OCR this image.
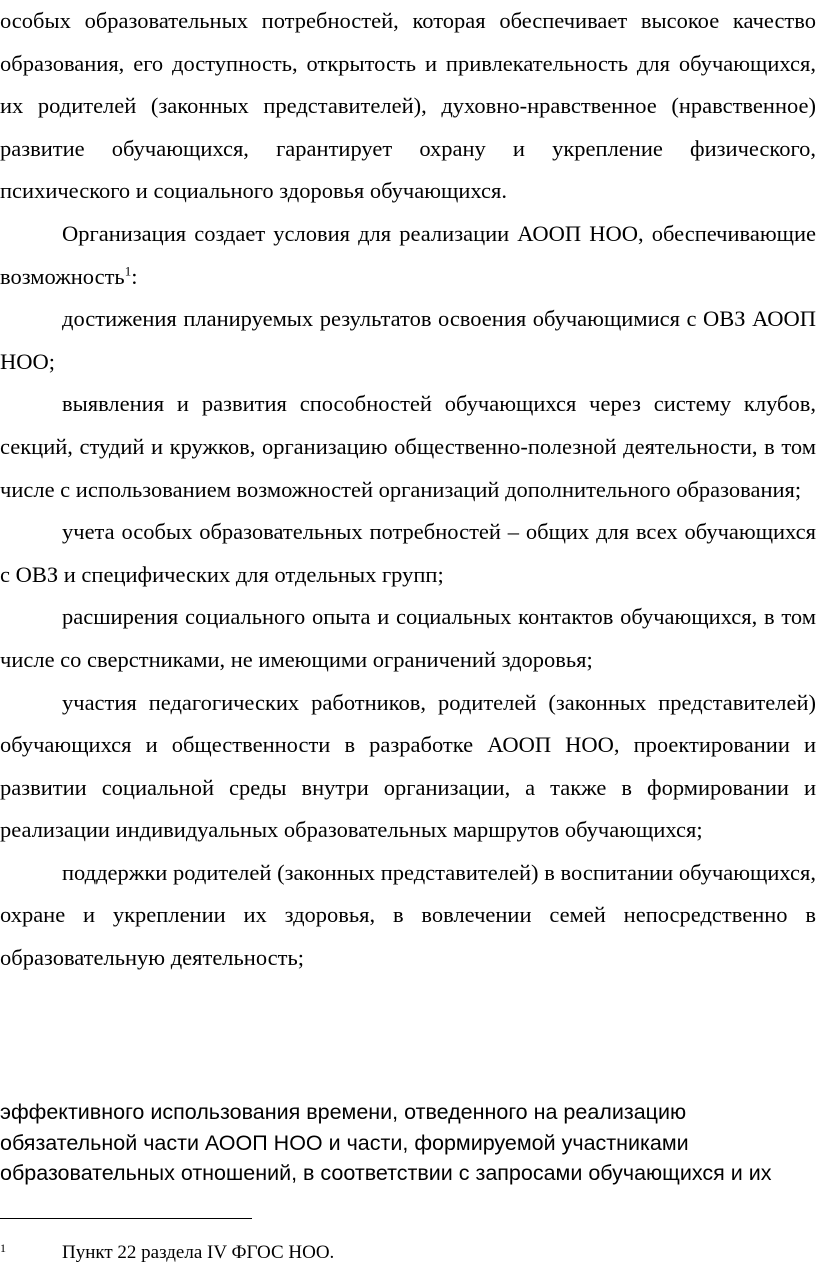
особых образовательных потребностей, которая обеспечивает высокое качество образования, его доступность, открытость и привлекательность для обучающихся, их родителей (законных представителей), духовно-нравственное (нравственное) развитие обучающихся, гарантирует охрану и укрепление физического, психического и социального здоровья обучающихся.

Организация создает условия для реализации АООП НОО, обеспечивающие возможность$^1$:

достижения планируемых результатов освоения обучающимися с ОВЗ АООП НОО;

выявления и развития способностей обучающихся через систему клубов, секций, студий и кружков, организацию общественно-полезной деятельности, в том числе с использованием возможностей организаций дополнительного образования;

учета особых образовательных потребностей – общих для всех обучающихся с ОВЗ и специфических для отдельных групп;

расширения социального опыта и социальных контактов обучающихся, в том числе со сверстниками, не имеющими ограничений здоровья;

участия педагогических работников, родителей (законных представителей) обучающихся и общественности в разработке АООП НОО, проектировании и развитии социальной среды внутри организации, а также в формировании и реализации индивидуальных образовательных маршрутов обучающихся;

поддержки родителей (законных представителей) в воспитании обучающихся, охране и укреплении их здоровья, в вовлечении семей непосредственно в образовательную деятельность;

эффективного использования времени, отведенного на реализацию обязательной части АООП НОО и части, формируемой участниками образовательных отношений, в соответствии с запросами обучающихся и их

1	Пункт 22 раздела IV ФГОС НОО.
